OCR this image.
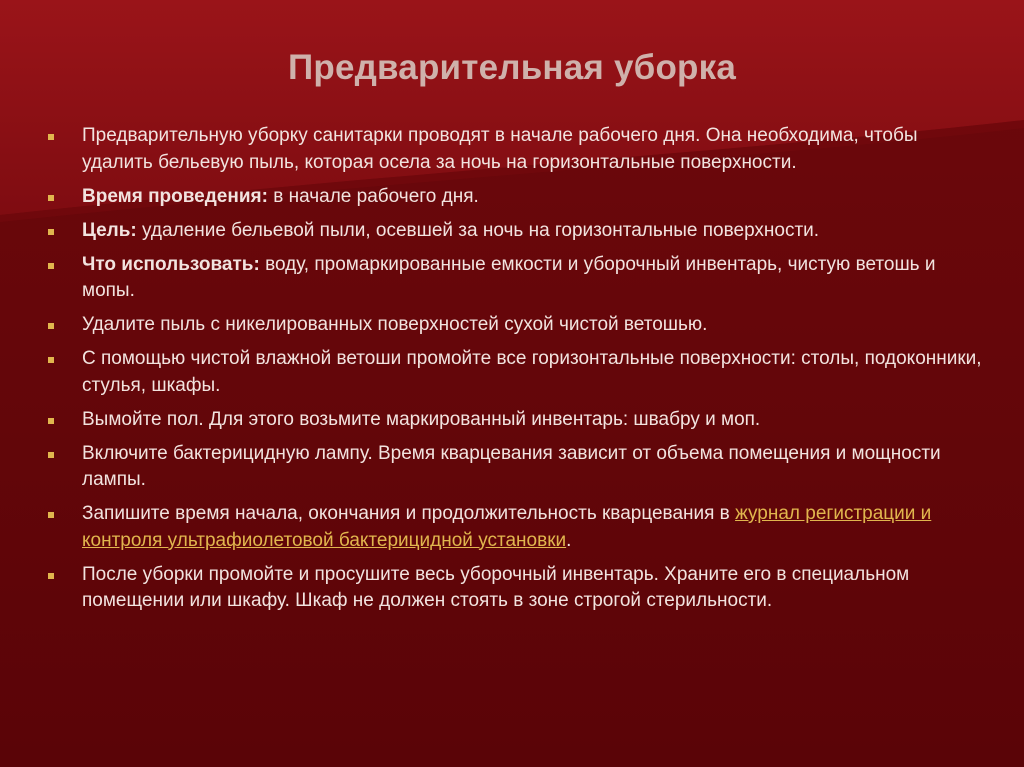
Предварительная уборка
Предварительную уборку санитарки проводят в начале рабочего дня. Она необходима, чтобы удалить бельевую пыль, которая осела за ночь на горизонтальные поверхности.
Время проведения: в начале рабочего дня.
Цель: удаление бельевой пыли, осевшей за ночь на горизонтальные поверхности.
Что использовать: воду, промаркированные емкости и уборочный инвентарь, чистую ветошь и мопы.
Удалите пыль с никелированных поверхностей сухой чистой ветошью.
С помощью чистой влажной ветоши промойте все горизонтальные поверхности: столы, подоконники, стулья, шкафы.
Вымойте пол. Для этого возьмите маркированный инвентарь: швабру и моп.
Включите бактерицидную лампу. Время кварцевания зависит от объема помещения и мощности лампы.
Запишите время начала, окончания и продолжительность кварцевания в журнал регистрации и контроля ультрафиолетовой бактерицидной установки.
После уборки промойте и просушите весь уборочный инвентарь. Храните его в специальном помещении или шкафу. Шкаф не должен стоять в зоне строгой стерильности.
